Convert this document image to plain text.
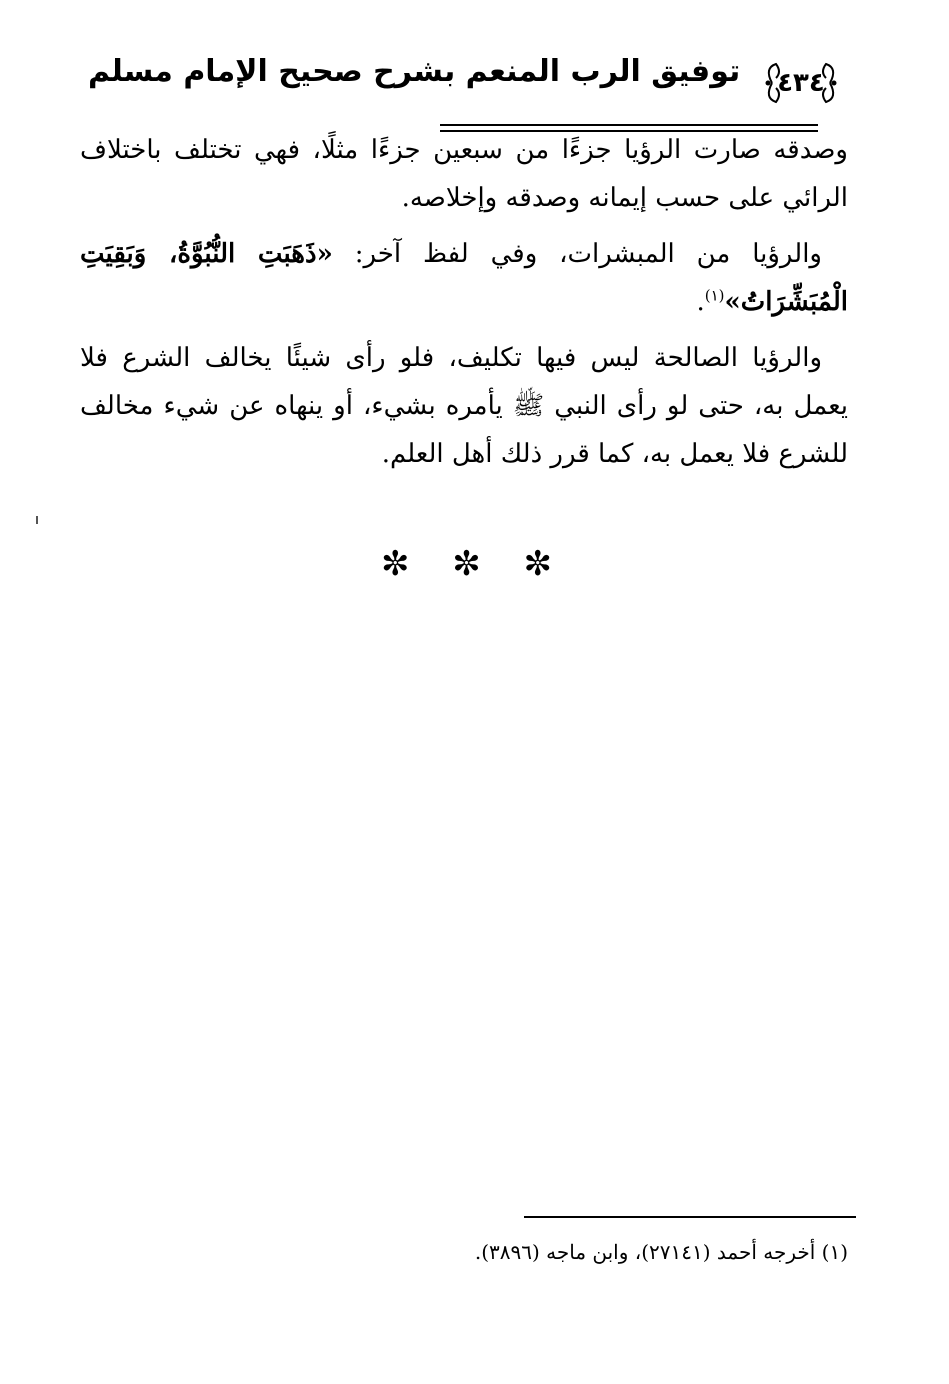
توفيق الرب المنعم بشرح صحيح الإمام مسلم ٤٣٤

وصدقه صارت الرؤيا جزءًا من سبعين جزءًا مثلًا، فهي تختلف باختلاف الرائي على حسب إيمانه وصدقه وإخلاصه.

والرؤيا من المبشرات، وفي لفظ آخر: «ذَهَبَتِ النُّبُوَّةُ، وَبَقِيَتِ الْمُبَشِّرَاتُ»$^{(١)}$.

والرؤيا الصالحة ليس فيها تكليف، فلو رأى شيئًا يخالف الشرع فلا يعمل به، حتى لو رأى النبي ﷺ يأمره بشيء، أو ينهاه عن شيء مخالف للشرع فلا يعمل به، كما قرر ذلك أهل العلم.

✼ ✼ ✼
(١) أخرجه أحمد (٢٧١٤١)، وابن ماجه (٣٨٩٦).
